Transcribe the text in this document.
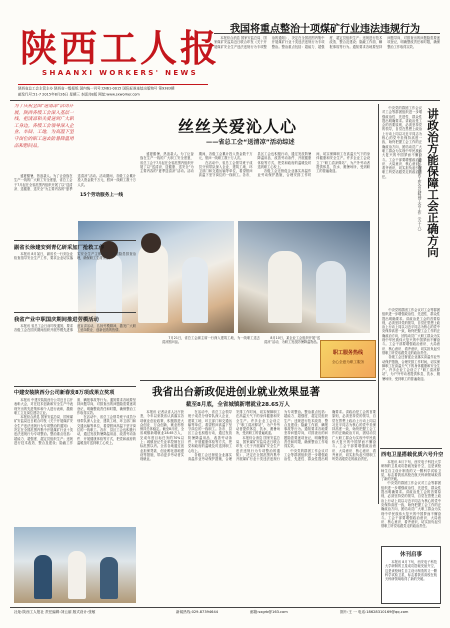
陕西工人报
SHAANXI WORKERS' NEWS
陕西省总工会主管主办 陕西省一级报纸 国内统一刊号:CN61-0015 国际标准连续出版物号 第9383期
邮发代号:51-7 2015年8月26日 星期三 本版共8版 网址:www.sxworker.com
我国将重点整治十项煤矿行业违法违规行为

本报综合消息 国家安监总局、国家煤矿安监局近日联合印发《关于开展煤矿安全生产违法违规行为专项整治的通知》，决定在全国范围内集中开展煤矿行业十类违法违规行为专项整治。整治重点包括：超能力、超强度、超定员组织生产；违规进行技术改造、整合及建设；隐蔽工作面、瞒报事故等行为。通知要求各地要坚持问题导向，对排查出的问题隐患要逐项登记，明确整改责任和时限，确保整治工作取得实效。

为了庆祝全国"送清凉"活动开展，陕西各级工会深入基层一线，把清凉和关爱送到广大职工身边。各级工会领导深入企业、车间、工地，为高温下坚守岗位的职工送去防暑降温用品和慰问品。

盛夏酷暑，热浪袭人。为了让奋战在生产一线的广大职工安全度夏，省总工会于7月起在全省范围内组织开展了以“送清凉、送健康、送安全”为主要内容的“夏季送清凉”活动。活动期间，各级工会累计投入资金数千万元，慰问一线职工数十万人次。

丝丝关爱沁人心
——省总工会“送清凉”活动综述

盛夏酷暑，热浪袭人。为了让奋战在生产一线的广大职工安全度夏，省总工会于7月起在全省范围内组织开展了以“送清凉、送健康、送安全”为主要内容的“夏季送清凉”活动。活动期间，各级工会累计投入资金数千万元，慰问一线职工数十万人次。

在活动中，省总工会领导班子成员分别带队深入企业、建筑工地、环卫部门和交通运输等单位，看望慰问高温下坚守岗位的一线职工。各市、县区工会也积极行动，通过发放防暑降温用品、改善劳动条件、开展健康体检等方式，把党和政府的温暖及时送到职工心坎上。

各级工会还督促企业落实高温作业劳动保护措施，合理安排工作时间，切实保障职工在高温天气下的身体健康和安全生产。许多企业工会设立了“职工清凉驿站”，为户外劳动者提供休息、饮水、避暑场所，受到职工的普遍欢迎。

15个劳动服务上一线

7月21日，省总工会副主席一行深入建筑工地，为一线职工送去清凉慰问品。

8月10日，某企业工会组织开展“送清凉”活动，为职工发放防暑降温物品。

职工服务热线
全心全意为职工服务
副省长徐建安到青亿研采加厂抢救工作

本报讯 8月某日，副省长一行到企业检查指导安全生产工作，要求企业切实落实安全生产主体责任，加强隐患排查治理，确保职工生命安全。

我省产业中职国庆期间推进劳模活动

本报讯 省总工会日前印发通知，要求各级工会在国庆期间组织开展劳模先进事迹宣讲活动，弘扬劳模精神，激发广大职工爱岗敬业、创新创造的热情。

中建安装陕西分公司新春发8万项成果立奖项

本报讯 中建安装陕西分公司近日召开表彰大会，对在技术创新和安全生产中表现突出的先进集体和个人进行表彰，激励职工立足岗位建功立业。

本报综合消息 国家安监总局、国家煤矿安监局近日联合印发《关于开展煤矿安全生产违法违规行为专项整治的通知》，决定在全国范围内集中开展煤矿行业十类违法违规行为专项整治。整治重点包括：超能力、超强度、超定员组织生产；违规进行技术改造、整合及建设；隐蔽工作面、瞒报事故等行为。通知要求各地要坚持问题导向，对排查出的问题隐患要逐项登记，明确整改责任和时限，确保整治工作取得实效。

在活动中，省总工会领导班子成员分别带队深入企业、建筑工地、环卫部门和交通运输等单位，看望慰问高温下坚守岗位的一线职工。各市、县区工会也积极行动，通过发放防暑降温用品、改善劳动条件、开展健康体检等方式，把党和政府的温暖及时送到职工心坎上。

我省出台新政促进创业就业效果显著
截至8月底，全省城镇新增就业28.65万人

本报讯 记者从省人社厅获悉，今年以来我省认真落实各项就业创业政策，积极推进大众创业、万众创新，就业形势保持总体稳定。截至8月底，全省城镇新增就业28.65万人，完成年度目标任务的70%以上；城镇登记失业率控制在目标范围以内。全省各地通过创业担保贷款、创业孵化基地建设等措施，带动更多劳动者实现就业。

在活动中，省总工会领导班子成员分别带队深入企业、建筑工地、环卫部门和交通运输等单位，看望慰问高温下坚守岗位的一线职工。各市、县区工会也积极行动，通过发放防暑降温用品、改善劳动条件、开展健康体检等方式，把党和政府的温暖及时送到职工心坎上。

各级工会还督促企业落实高温作业劳动保护措施，合理安排工作时间，切实保障职工在高温天气下的身体健康和安全生产。许多企业工会设立了“职工清凉驿站”，为户外劳动者提供休息、饮水、避暑场所，受到职工的普遍欢迎。

本报综合消息 国家安监总局、国家煤矿安监局近日联合印发《关于开展煤矿安全生产违法违规行为专项整治的通知》，决定在全国范围内集中开展煤矿行业十类违法违规行为专项整治。整治重点包括：超能力、超强度、超定员组织生产；违规进行技术改造、整合及建设；隐蔽工作面、瞒报事故等行为。通知要求各地要坚持问题导向，对排查出的问题隐患要逐项登记，明确整改责任和时限，确保整治工作取得实效。

中央党的群团工作会议对工会等群团组织进一步增强政治性、先进性、群众性提出明确要求。讲政治是工会的首要原则，必须坚持党的领导，自觉在思想上政治上行动上同以习近平同志为核心的党中央保持高度一致，始终把握工会工作的正确政治方向，团结动员广大职工群众为实现中华民族伟大复兴的中国梦而不懈奋斗。工会干部要增强政治意识、大局意识、核心意识、看齐意识，切实担负起引领职工听党话跟党走的政治责任。

中央党的群团工作会议对工会等群团组织进一步增强政治性、先进性、群众性提出明确要求。讲政治是工会的首要原则，必须坚持党的领导，自觉在思想上政治上行动上同以习近平同志为核心的党中央保持高度一致，始终把握工会工作的正确政治方向，团结动员广大职工群众为实现中华民族伟大复兴的中国梦而不懈奋斗。工会干部要增强政治意识、大局意识、核心意识、看齐意识，切实担负起引领职工听党话跟党走的政治责任。	讲政治方能保障工会正确方向
——谈党的群团工作会议精神工会工作（五十六）

中央党的群团工作会议对工会等群团组织进一步增强政治性、先进性、群众性提出明确要求。讲政治是工会的首要原则，必须坚持党的领导，自觉在思想上政治上行动上同以习近平同志为核心的党中央保持高度一致，始终把握工会工作的正确政治方向，团结动员广大职工群众为实现中华民族伟大复兴的中国梦而不懈奋斗。工会干部要增强政治意识、大局意识、核心意识、看齐意识，切实担负起引领职工听党话跟党走的政治责任。

各级工会还督促企业落实高温作业劳动保护措施，合理安排工作时间，切实保障职工在高温天气下的身体健康和安全生产。许多企业工会设立了“职工清凉驿站”，为户外劳动者提供休息、饮水、避暑场所，受到职工的普遍欢迎。

西电卫星搭载优质六号升空

本报讯 8月下旬，西安电子科技大学研制的卫星成功搭载发射升空，这是该校师生自主设计制造的又一颗科学试验卫星，标志着我省高校在航天科研领域取得了新的突破。

中央党的群团工作会议对工会等群团组织进一步增强政治性、先进性、群众性提出明确要求。讲政治是工会的首要原则，必须坚持党的领导，自觉在思想上政治上行动上同以习近平同志为核心的党中央保持高度一致，始终把握工会工作的正确政治方向，团结动员广大职工群众为实现中华民族伟大复兴的中国梦而不懈奋斗。工会干部要增强政治意识、大局意识、核心意识、看齐意识，切实担负起引领职工听党话跟党走的政治责任。

休刊启事

本报讯 8月下旬，西安电子科技大学研制的卫星成功搭载发射升空，这是该校师生自主设计制造的又一颗科学试验卫星，标志着我省高校在航天科研领域取得了新的突破。

社址:陕西工人报社 责任编辑:刘云丽 版式设计:张敏	新闻热线:029-87394644	邮箱:sxgrb@163.com	图片:王 一 电话:18628310169@qq.com
